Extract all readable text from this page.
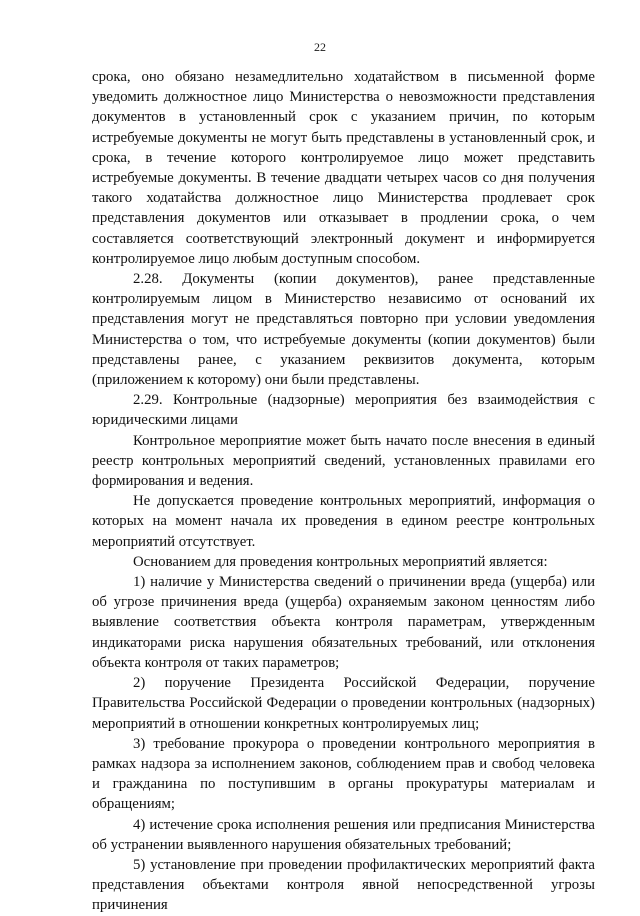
22

срока, оно обязано незамедлительно ходатайством в письменной форме уведомить должностное лицо Министерства о невозможности представления документов в установленный срок с указанием причин, по которым истребуемые документы не могут быть представлены в установленный срок, и срока, в течение которого контролируемое лицо может представить истребуемые документы. В течение двадцати четырех часов со дня получения такого ходатайства должностное лицо Министерства продлевает срок представления документов или отказывает в продлении срока, о чем составляется соответствующий электронный документ и информируется контролируемое лицо любым доступным способом.

2.28. Документы (копии документов), ранее представленные контролируемым лицом в Министерство независимо от оснований их представления могут не представляться повторно при условии уведомления Министерства о том, что истребуемые документы (копии документов) были представлены ранее, с указанием реквизитов документа, которым (приложением к которому) они были представлены.

2.29. Контрольные (надзорные) мероприятия без взаимодействия с юридическими лицами

Контрольное мероприятие может быть начато после внесения в единый реестр контрольных мероприятий сведений, установленных правилами его формирования и ведения.

Не допускается проведение контрольных мероприятий, информация о которых на момент начала их проведения в едином реестре контрольных мероприятий отсутствует.

Основанием для проведения контрольных мероприятий является:

1) наличие у Министерства сведений о причинении вреда (ущерба) или об угрозе причинения вреда (ущерба) охраняемым законом ценностям либо выявление соответствия объекта контроля параметрам, утвержденным индикаторами риска нарушения обязательных требований, или отклонения объекта контроля от таких параметров;

2) поручение Президента Российской Федерации, поручение Правительства Российской Федерации о проведении контрольных (надзорных) мероприятий в отношении конкретных контролируемых лиц;

3) требование прокурора о проведении контрольного мероприятия в рамках надзора за исполнением законов, соблюдением прав и свобод человека и гражданина по поступившим в органы прокуратуры материалам и обращениям;

4) истечение срока исполнения решения или предписания Министерства об устранении выявленного нарушения обязательных требований;

5) установление при проведении профилактических мероприятий факта представления объектами контроля явной непосредственной угрозы причинения
